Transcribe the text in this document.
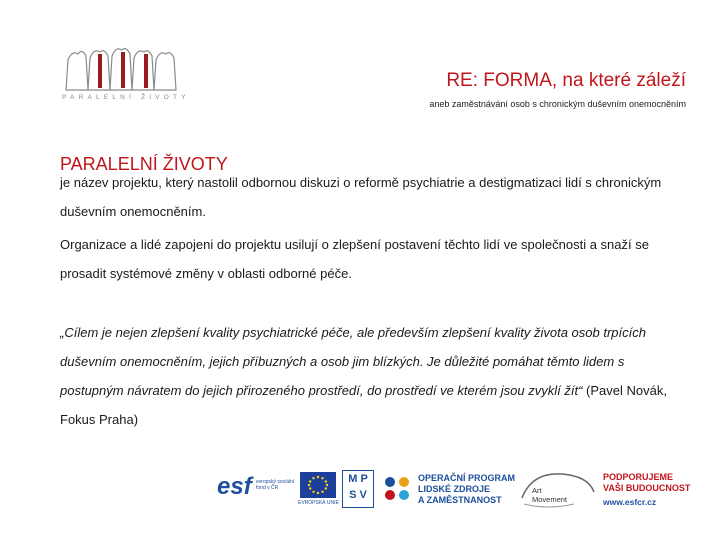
PARALELNÍ ŽIVOTY
RE: FORMA, na které záleží
aneb zaměstnávání osob s chronickým duševním onemocněním
PARALELNÍ ŽIVOTY
je název projektu, který nastolil odbornou diskuzi o reformě psychiatrie a destigmatizaci lidí s chronickým duševním onemocněním.
Organizace a lidé zapojeni do projektu usilují o zlepšení postavení těchto lidí ve společnosti a snaží se prosadit systémové změny v oblasti odborné péče.
„Cílem je nejen zlepšení kvality psychiatrické péče, ale především zlepšení kvality života osob trpících duševním onemocněním, jejich příbuzných a osob jim blízkých. Je důležité pomáhat těmto lidem s postupným návratem do jejich přirozeného prostředí, do prostředí ve kterém jsou zvyklí žít“ (Pavel Novák, Fokus Praha)
esf evropský sociální fond v ČR
EVROPSKÁ UNIE
M P
S V
OPERAČNÍ PROGRAM
LIDSKÉ ZDROJE
A ZAMĚSTNANOST
Art
Movement
PODPORUJEME
VAŠI BUDOUCNOST
www.esfcr.cz
